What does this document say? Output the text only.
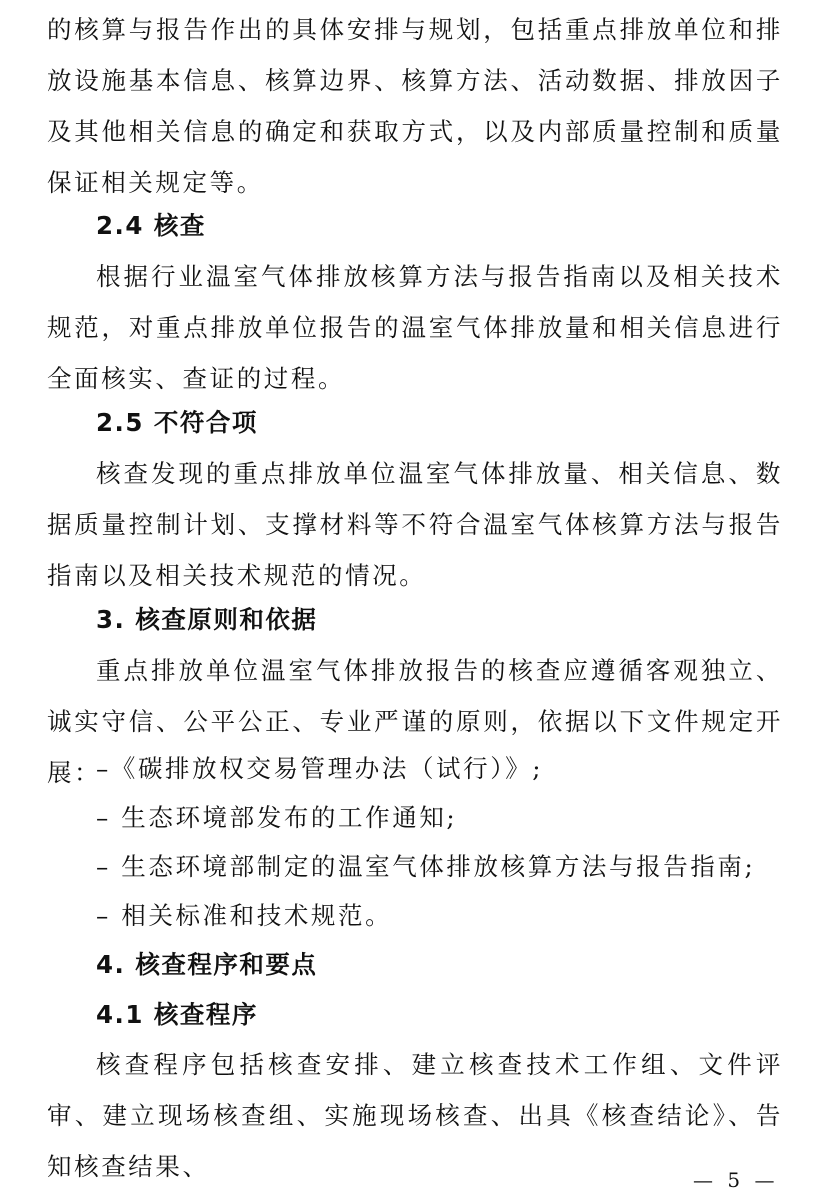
的核算与报告作出的具体安排与规划，包括重点排放单位和排放设施基本信息、核算边界、核算方法、活动数据、排放因子及其他相关信息的确定和获取方式，以及内部质量控制和质量保证相关规定等。

2.4 核查

根据行业温室气体排放核算方法与报告指南以及相关技术规范，对重点排放单位报告的温室气体排放量和相关信息进行全面核实、查证的过程。

2.5 不符合项

核查发现的重点排放单位温室气体排放量、相关信息、数据质量控制计划、支撑材料等不符合温室气体核算方法与报告指南以及相关技术规范的情况。

3. 核查原则和依据

重点排放单位温室气体排放报告的核查应遵循客观独立、诚实守信、公平公正、专业严谨的原则，依据以下文件规定开展：

–《碳排放权交易管理办法（试行）》;

– 生态环境部发布的工作通知;

– 生态环境部制定的温室气体排放核算方法与报告指南;

– 相关标准和技术规范。

4. 核查程序和要点

4.1 核查程序

核查程序包括核查安排、建立核查技术工作组、文件评审、建立现场核查组、实施现场核查、出具《核查结论》、告知核查结果、	— 5 —
